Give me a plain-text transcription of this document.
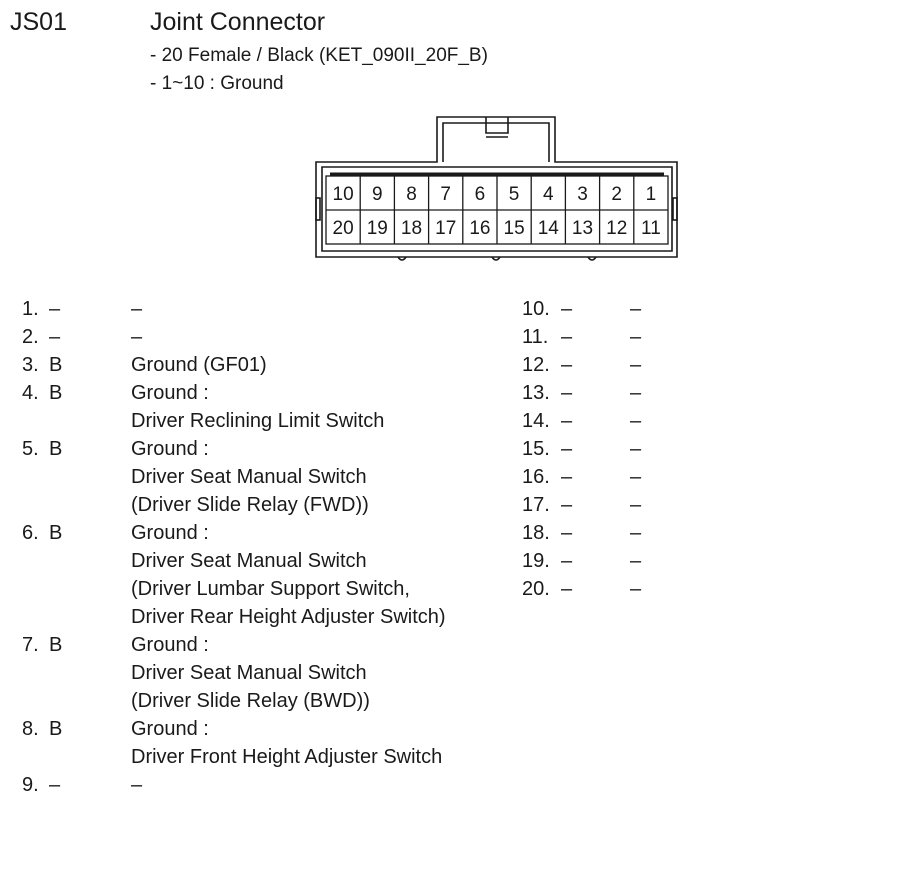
JS01	Joint Connector
- 20 Female / Black (KET_090II_20F_B)
- 1~10 : Ground
10 9 8 7 6 5 4 3 2 1
20 19 18 17 16 15 14 13 12 11
1. –	–
2. –	–
3. B	Ground (GF01)
4. B	Ground :
Driver Reclining Limit Switch
5. B	Ground :
Driver Seat Manual Switch
(Driver Slide Relay (FWD))
6. B	Ground :
Driver Seat Manual Switch
(Driver Lumbar Support Switch,
Driver Rear Height Adjuster Switch)
7. B	Ground :
Driver Seat Manual Switch
(Driver Slide Relay (BWD))
8. B	Ground :
Driver Front Height Adjuster Switch
9. –	–
10. –	–
11. –	–
12. –	–
13. –	–
14. –	–
15. –	–
16. –	–
17. –	–
18. –	–
19. –	–
20. –	–
